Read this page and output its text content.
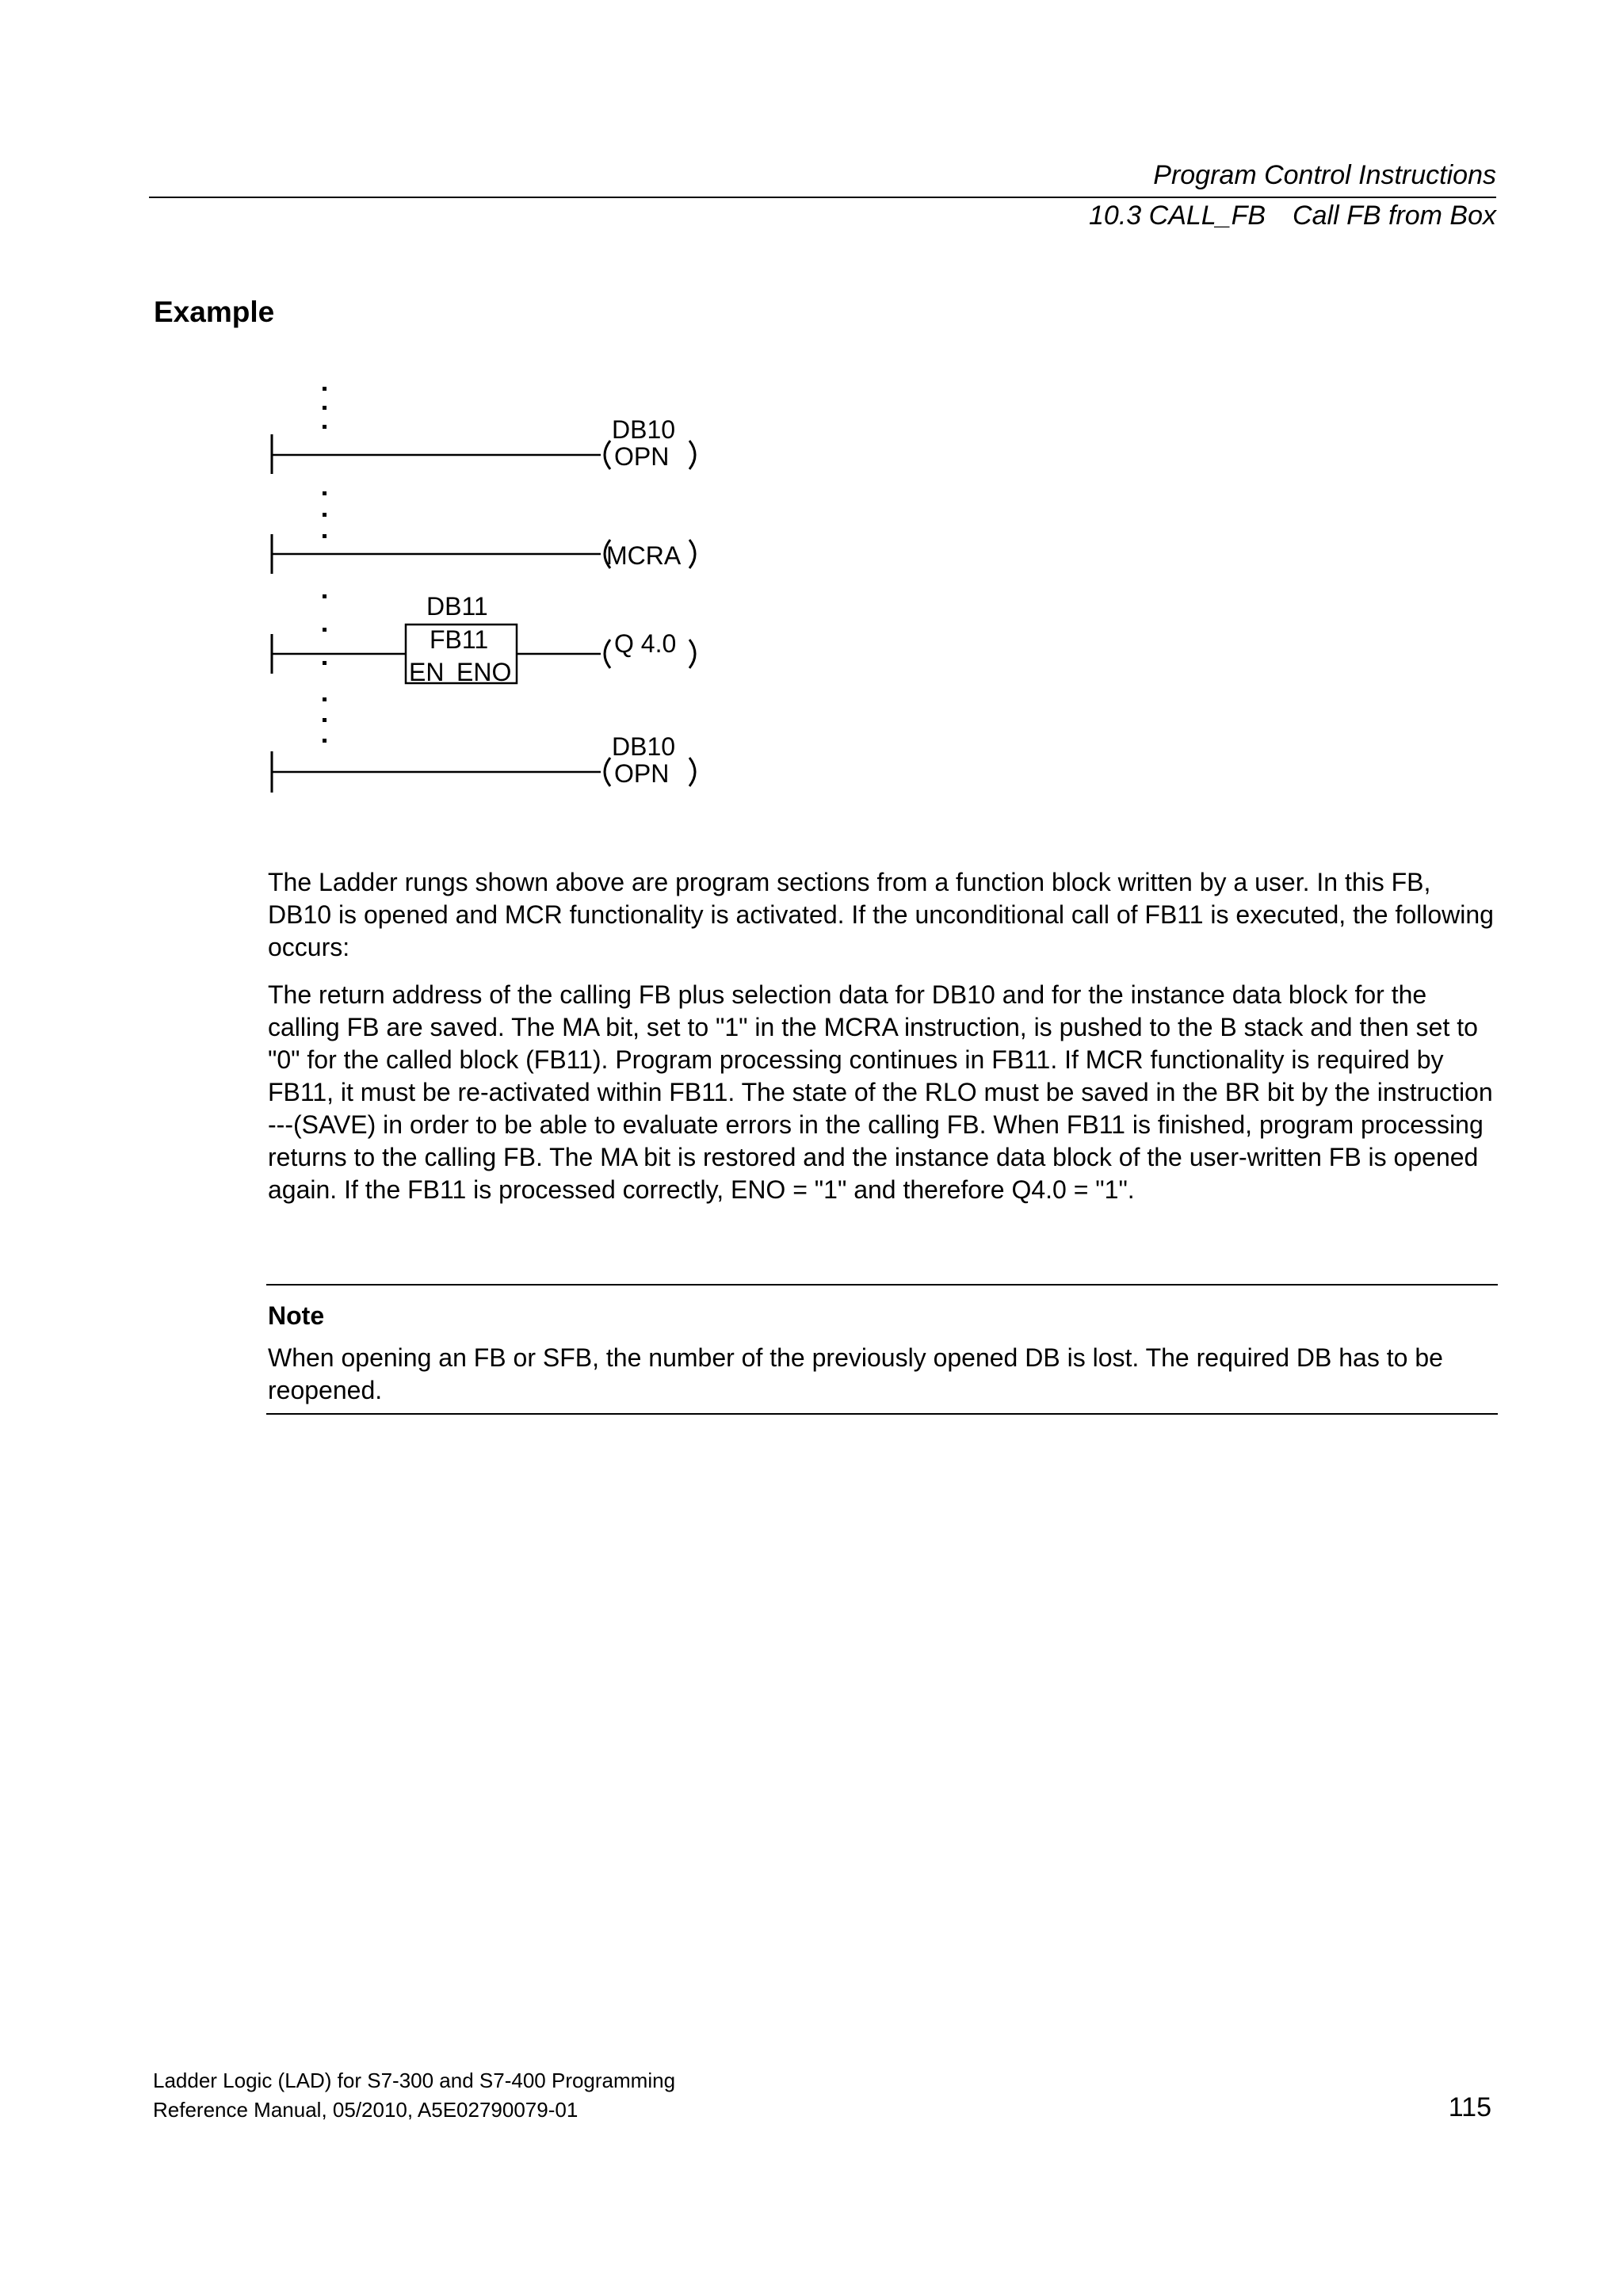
Program Control Instructions
10.3 CALL_FB Call FB from Box
Example
DB10
OPN
MCRA
DB11
FB11
EN ENO
Q 4.0
DB10
OPN

The Ladder rungs shown above are program sections from a function block written by a user. In this FB, DB10 is opened and MCR functionality is activated. If the unconditional call of FB11 is executed, the following occurs:

The return address of the calling FB plus selection data for DB10 and for the instance data block for the calling FB are saved. The MA bit, set to "1" in the MCRA instruction, is pushed to the B stack and then set to "0" for the called block (FB11). Program processing continues in FB11. If MCR functionality is required by FB11, it must be re-activated within FB11. The state of the RLO must be saved in the BR bit by the instruction ---(SAVE) in order to be able to evaluate errors in the calling FB. When FB11 is finished, program processing returns to the calling FB. The MA bit is restored and the instance data block of the user-written FB is opened again. If the FB11 is processed correctly, ENO = "1" and therefore Q4.0 = "1".

Note

When opening an FB or SFB, the number of the previously opened DB is lost. The required DB has to be reopened.

Ladder Logic (LAD) for S7-300 and S7-400 Programming
Reference Manual, 05/2010, A5E02790079-01	115
